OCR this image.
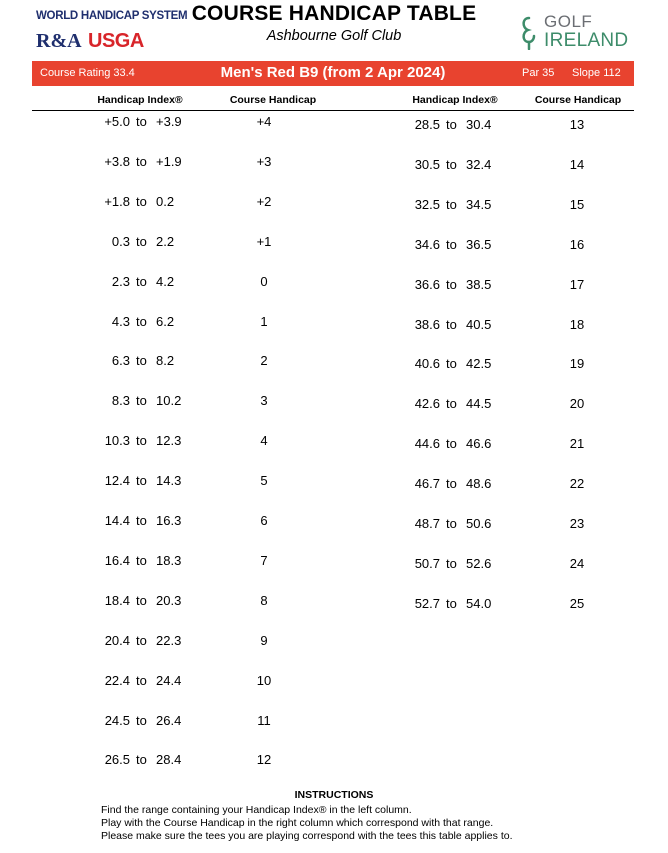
WORLD HANDICAP SYSTEM
R&A USGA
COURSE HANDICAP TABLE
Ashbourne Golf Club
GOLF
IRELAND
Course Rating 33.4	Men's Red B9 (from 2 Apr 2024)	Par 35 Slope 112
Handicap Index®	Course Handicap	Handicap Index®	Course Handicap
+5.0 to +3.9	+4
+3.8 to +1.9	+3
+1.8 to 0.2	+2
0.3 to 2.2	+1
2.3 to 4.2	0
4.3 to 6.2	1
6.3 to 8.2	2
8.3 to 10.2	3
10.3 to 12.3	4
12.4 to 14.3	5
14.4 to 16.3	6
16.4 to 18.3	7
18.4 to 20.3	8
20.4 to 22.3	9
22.4 to 24.4	10
24.5 to 26.4	11
26.5 to 28.4	12
28.5 to 30.4	13
30.5 to 32.4	14
32.5 to 34.5	15
34.6 to 36.5	16
36.6 to 38.5	17
38.6 to 40.5	18
40.6 to 42.5	19
42.6 to 44.5	20
44.6 to 46.6	21
46.7 to 48.6	22
48.7 to 50.6	23
50.7 to 52.6	24
52.7 to 54.0	25
INSTRUCTIONS
Find the range containing your Handicap Index® in the left column.
Play with the Course Handicap in the right column which correspond with that range.
Please make sure the tees you are playing correspond with the tees this table applies to.
